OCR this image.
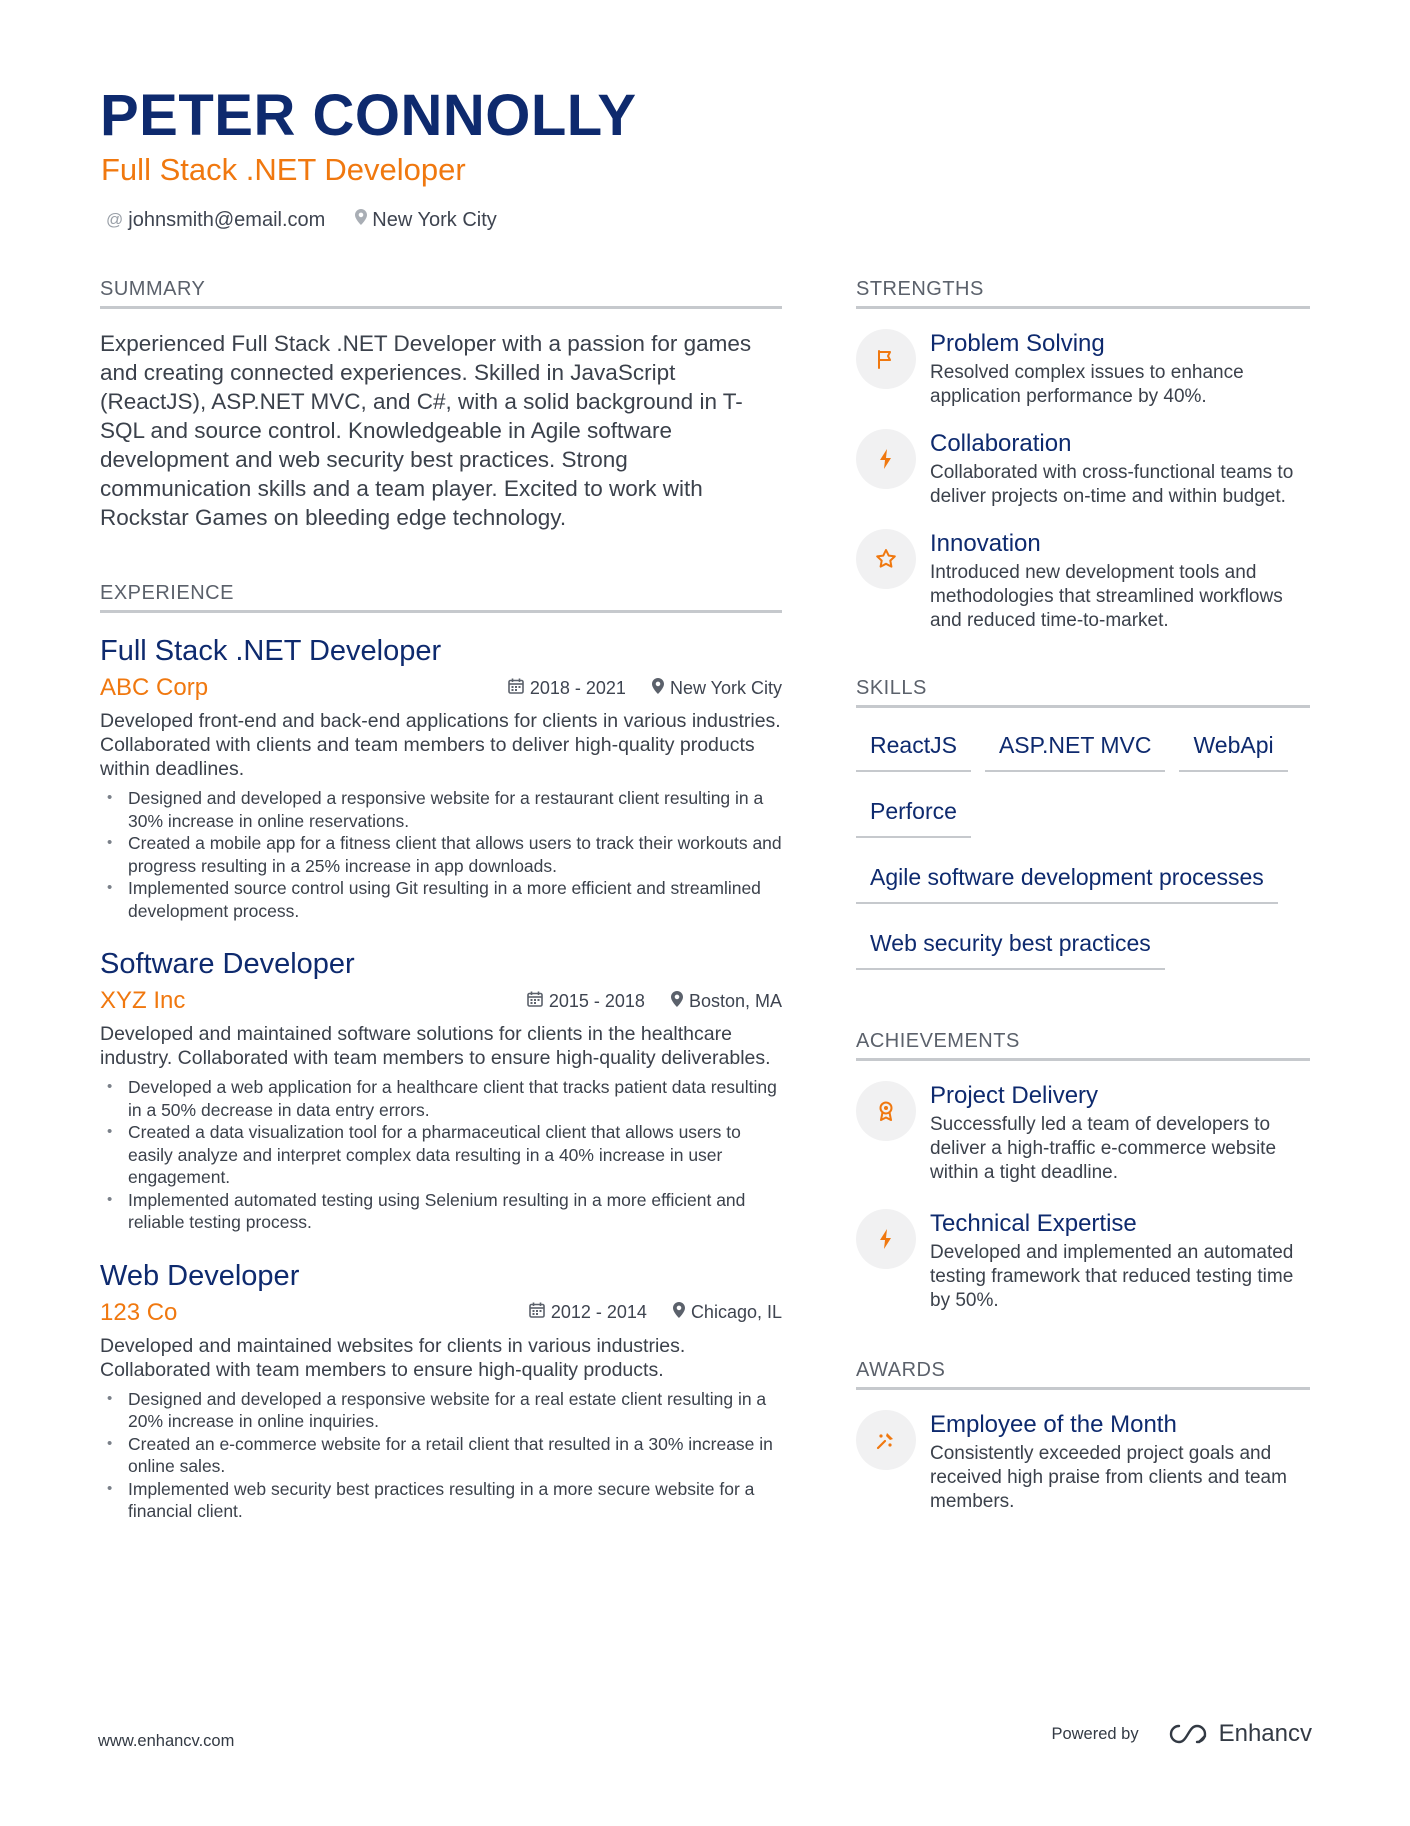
PETER CONNOLLY
Full Stack .NET Developer
@ johnsmith@email.com New York City
SUMMARY
Experienced Full Stack .NET Developer with a passion for games and creating connected experiences. Skilled in JavaScript (ReactJS), ASP.NET MVC, and C#, with a solid background in T-SQL and source control. Knowledgeable in Agile software development and web security best practices. Strong communication skills and a team player. Excited to work with Rockstar Games on bleeding edge technology.
EXPERIENCE
Full Stack .NET Developer
ABC Corp	2018 - 2021 New York City
Developed front-end and back-end applications for clients in various industries. Collaborated with clients and team members to deliver high-quality products within deadlines.
• Designed and developed a responsive website for a restaurant client resulting in a 30% increase in online reservations.
• Created a mobile app for a fitness client that allows users to track their workouts and progress resulting in a 25% increase in app downloads.
• Implemented source control using Git resulting in a more efficient and streamlined development process.
Software Developer
XYZ Inc	2015 - 2018 Boston, MA
Developed and maintained software solutions for clients in the healthcare industry. Collaborated with team members to ensure high-quality deliverables.
• Developed a web application for a healthcare client that tracks patient data resulting in a 50% decrease in data entry errors.
• Created a data visualization tool for a pharmaceutical client that allows users to easily analyze and interpret complex data resulting in a 40% increase in user engagement.
• Implemented automated testing using Selenium resulting in a more efficient and reliable testing process.
Web Developer
123 Co	2012 - 2014 Chicago, IL
Developed and maintained websites for clients in various industries. Collaborated with team members to ensure high-quality products.
• Designed and developed a responsive website for a real estate client resulting in a 20% increase in online inquiries.
• Created an e-commerce website for a retail client that resulted in a 30% increase in online sales.
• Implemented web security best practices resulting in a more secure website for a financial client.
STRENGTHS
Problem Solving
Resolved complex issues to enhance application performance by 40%.
Collaboration
Collaborated with cross-functional teams to deliver projects on-time and within budget.
Innovation
Introduced new development tools and methodologies that streamlined workflows and reduced time-to-market.
SKILLS
ReactJS	ASP.NET MVC	WebApi
Perforce
Agile software development processes
Web security best practices
ACHIEVEMENTS
Project Delivery
Successfully led a team of developers to deliver a high-traffic e-commerce website within a tight deadline.
Technical Expertise
Developed and implemented an automated testing framework that reduced testing time by 50%.
AWARDS
Employee of the Month
Consistently exceeded project goals and received high praise from clients and team members.
www.enhancv.com	Powered by	Enhancv
